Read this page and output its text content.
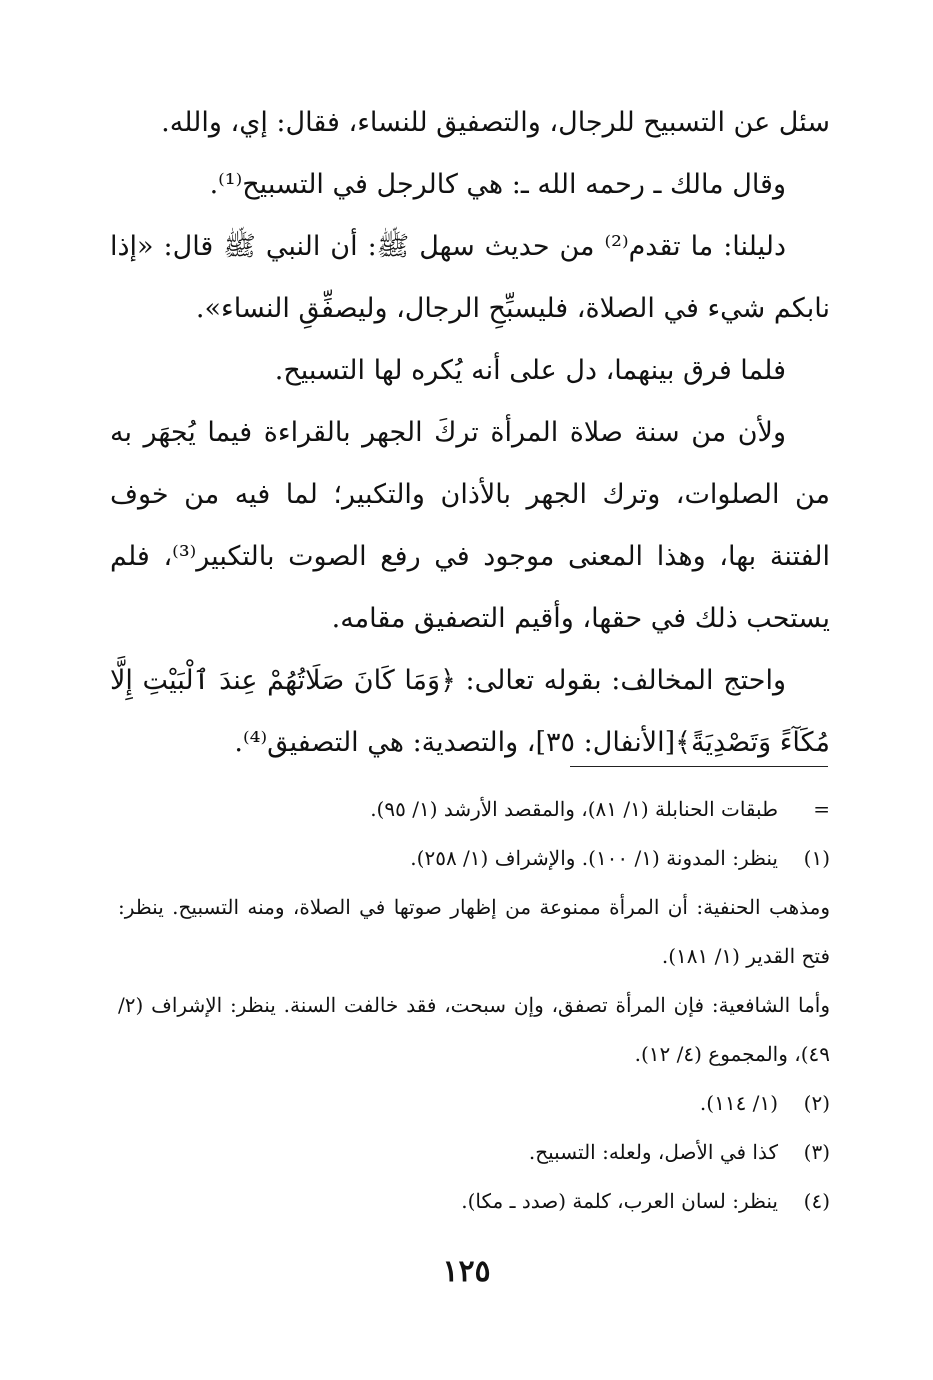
سئل عن التسبيح للرجال، والتصفيق للنساء، فقال: إي، والله.

وقال مالك ـ رحمه الله ـ: هي كالرجل في التسبيح⁽¹⁾.

دليلنا: ما تقدم⁽²⁾ من حديث سهل ﷺ: أن النبي ﷺ قال: «إذا نابكم شيء في الصلاة، فليسبِّحِ الرجال، وليصفِّقِ النساء».

فلما فرق بينهما، دل على أنه يُكره لها التسبيح.

ولأن من سنة صلاة المرأة تركَ الجهر بالقراءة فيما يُجهَر به من الصلوات، وترك الجهر بالأذان والتكبير؛ لما فيه من خوف الفتنة بها، وهذا المعنى موجود في رفع الصوت بالتكبير⁽³⁾، فلم يستحب ذلك في حقها، وأقيم التصفيق مقامه.

واحتج المخالف: بقوله تعالى: ﴿وَمَا كَانَ صَلَاتُهُمْ عِندَ ٱلْبَيْتِ إِلَّا مُكَآءً وَتَصْدِيَةً﴾[الأنفال: ٣٥]، والتصدية: هي التصفيق⁽⁴⁾.

=طبقات الحنابلة (١/ ٨١)، والمقصد الأرشد (١/ ٩٥).

(١)ينظر: المدونة (١/ ١٠٠). والإشراف (١/ ٢٥٨).

ومذهب الحنفية: أن المرأة ممنوعة من إظهار صوتها في الصلاة، ومنه التسبيح. ينظر: فتح القدير (١/ ١٨١).

وأما الشافعية: فإن المرأة تصفق، وإن سبحت، فقد خالفت السنة. ينظر: الإشراف (٢/ ٤٩)، والمجموع (٤/ ١٢).

(٢)(١/ ١١٤).

(٣)كذا في الأصل، ولعله: التسبيح.

(٤)ينظر: لسان العرب، كلمة (صدد ـ مكا).

١٢٥
